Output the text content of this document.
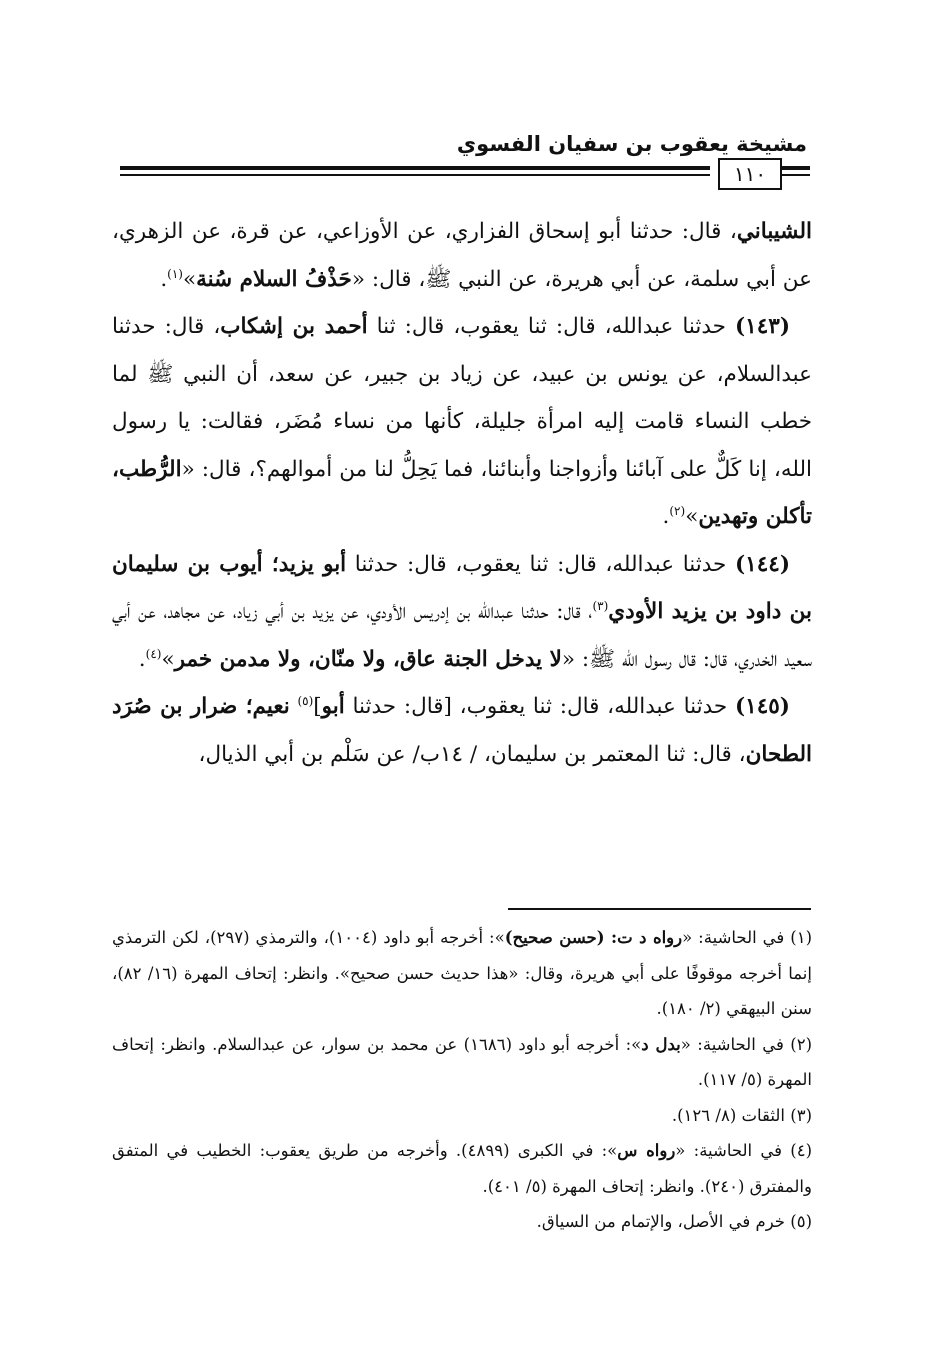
مشيخة يعقوب بن سفيان الفسوي
١١٠

الشيباني، قال: حدثنا أبو إسحاق الفزاري، عن الأوزاعي، عن قرة، عن الزهري، عن أبي سلمة، عن أبي هريرة، عن النبي ﷺ، قال: «حَذْفُ السلام سُنة»$^{(١)}$.

(١٤٣) حدثنا عبدالله، قال: ثنا يعقوب، قال: ثنا أحمد بن إشكاب، قال: حدثنا عبدالسلام، عن يونس بن عبيد، عن زياد بن جبير، عن سعد، أن النبي ﷺ لما خطب النساء قامت إليه امرأة جليلة، كأنها من نساء مُضَر، فقالت: يا رسول الله، إنا كَلٌّ على آبائنا وأزواجنا وأبنائنا، فما يَحِلُّ لنا من أموالهم؟، قال: «الرُّطب، تأكلن وتهدين»$^{(٢)}$.

(١٤٤) حدثنا عبدالله، قال: ثنا يعقوب، قال: حدثنا أبو يزيد؛ أيوب بن سليمان بن داود بن يزيد الأودي$^{(٣)}$، قال: حدثنا عبدالله بن إدريس الأودي، عن يزيد بن أبي زياد، عن مجاهد، عن أبي سعيد الخدري، قال: قال رسول الله ﷺ: «لا يدخل الجنة عاق، ولا منّان، ولا مدمن خمر»$^{(٤)}$.

(١٤٥) حدثنا عبدالله، قال: ثنا يعقوب، [قال: حدثنا أبو]$^{(٥)}$ نعيم؛ ضرار بن صُرَد الطحان، قال: ثنا المعتمر بن سليمان، / ١٤ب/ عن سَلْم بن أبي الذيال،

(١) في الحاشية: «رواه د ت: (حسن صحيح)»: أخرجه أبو داود (١٠٠٤)، والترمذي (٢٩٧)، لكن الترمذي إنما أخرجه موقوفًا على أبي هريرة، وقال: «هذا حديث حسن صحيح». وانظر: إتحاف المهرة (١٦/ ٨٢)، سنن البيهقي (٢/ ١٨٠).

(٢) في الحاشية: «بدل د»: أخرجه أبو داود (١٦٨٦) عن محمد بن سوار، عن عبدالسلام. وانظر: إتحاف المهرة (٥/ ١١٧).

(٣) الثقات (٨/ ١٢٦).

(٤) في الحاشية: «رواه س»: في الكبرى (٤٨٩٩). وأخرجه من طريق يعقوب: الخطيب في المتفق والمفترق (٢٤٠). وانظر: إتحاف المهرة (٥/ ٤٠١).

(٥) خرم في الأصل، والإتمام من السياق.
